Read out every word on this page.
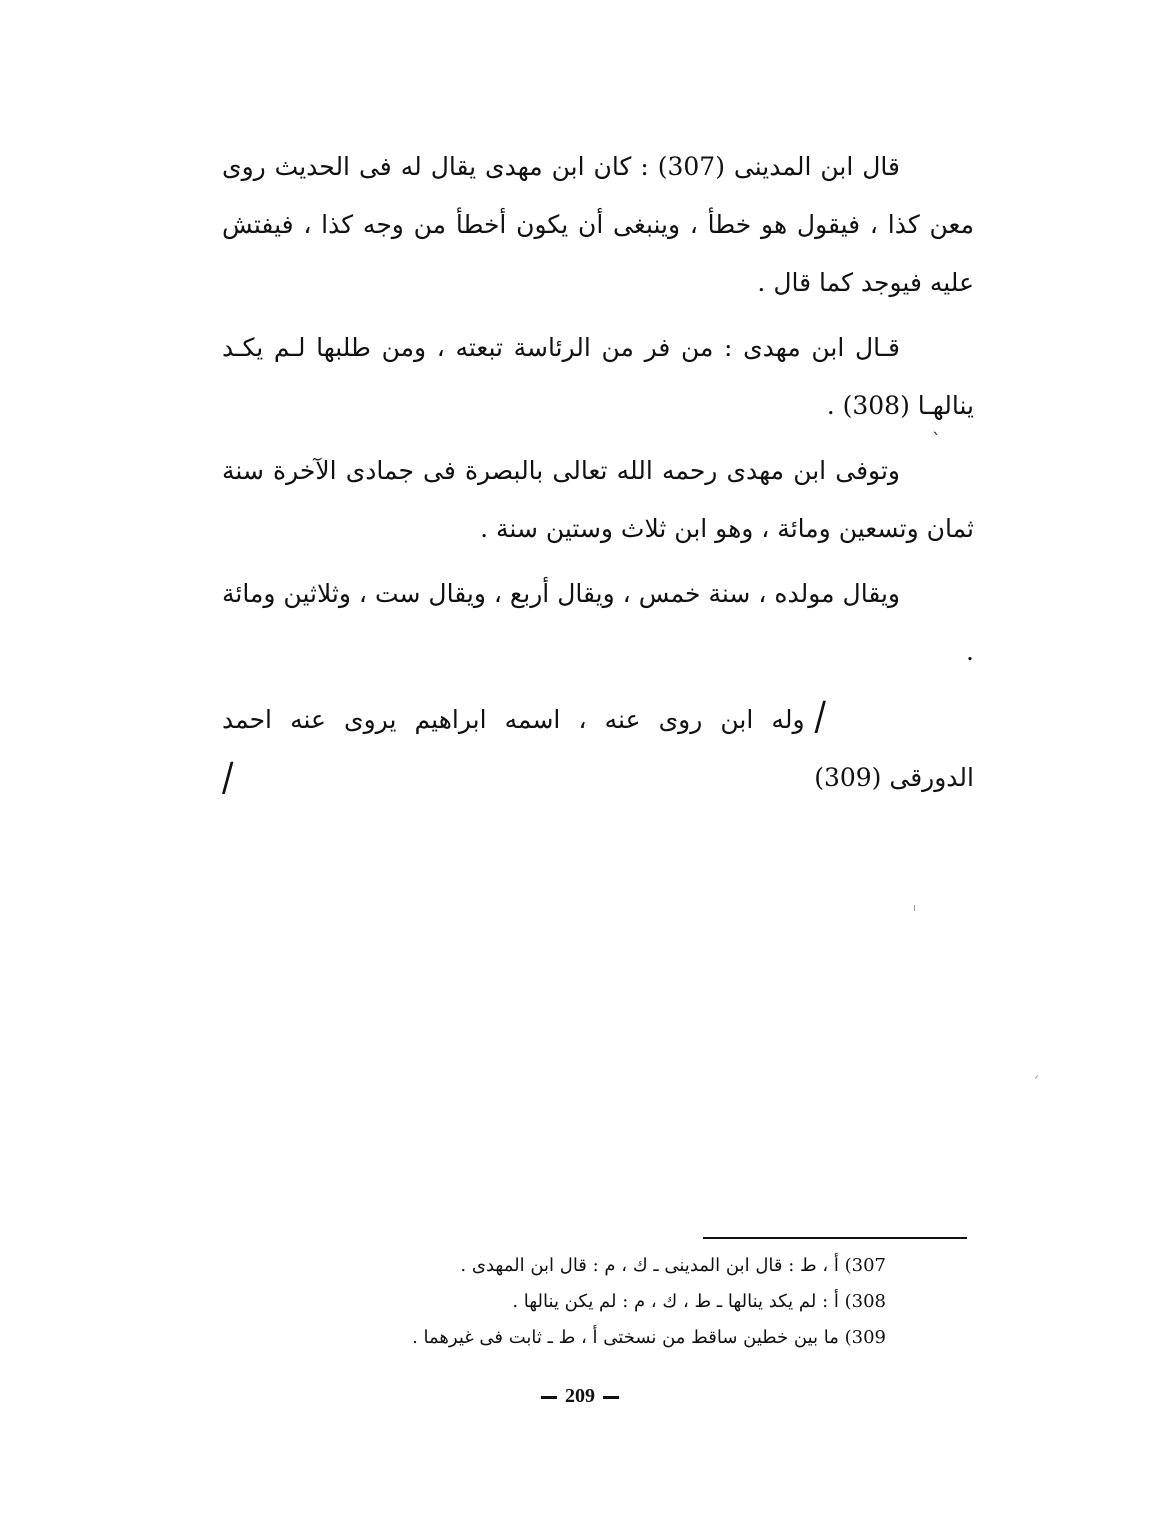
قال ابن المدينى (307) : كان ابن مهدى يقال له فى الحديث روى معن كذا ، فيقول هو خطأ ، وينبغى أن يكون أخطأ من وجه كذا ، فيفتش عليه فيوجد كما قال .

قـال ابن مهدى : من فر من الرئاسة تبعته ، ومن طلبها لـم يكـد ينالهـا (308) .

وتوفى ابن مهدى رحمه الله تعالى بالبصرة فى جمادى الآخرة سنة ثمان وتسعين ومائة ، وهو ابن ثلاث وستين سنة .

ويقال مولده ، سنة خمس ، ويقال أربع ، ويقال ست ، وثلاثين ومائة .

/وله ابن روى عنه ، اسمه ابراهيم يروى عنه احمد الدورقى (309)
/

`

307) أ ، ط : قال ابن المدينى ـ ك ، م : قال ابن المهدى .

308) أ : لم يكد ينالها ـ ط ، ك ، م : لم يكن ينالها .

309) ما بين خطين ساقط من نسختى أ ، ط ـ ثابت فى غيرهما .

209
